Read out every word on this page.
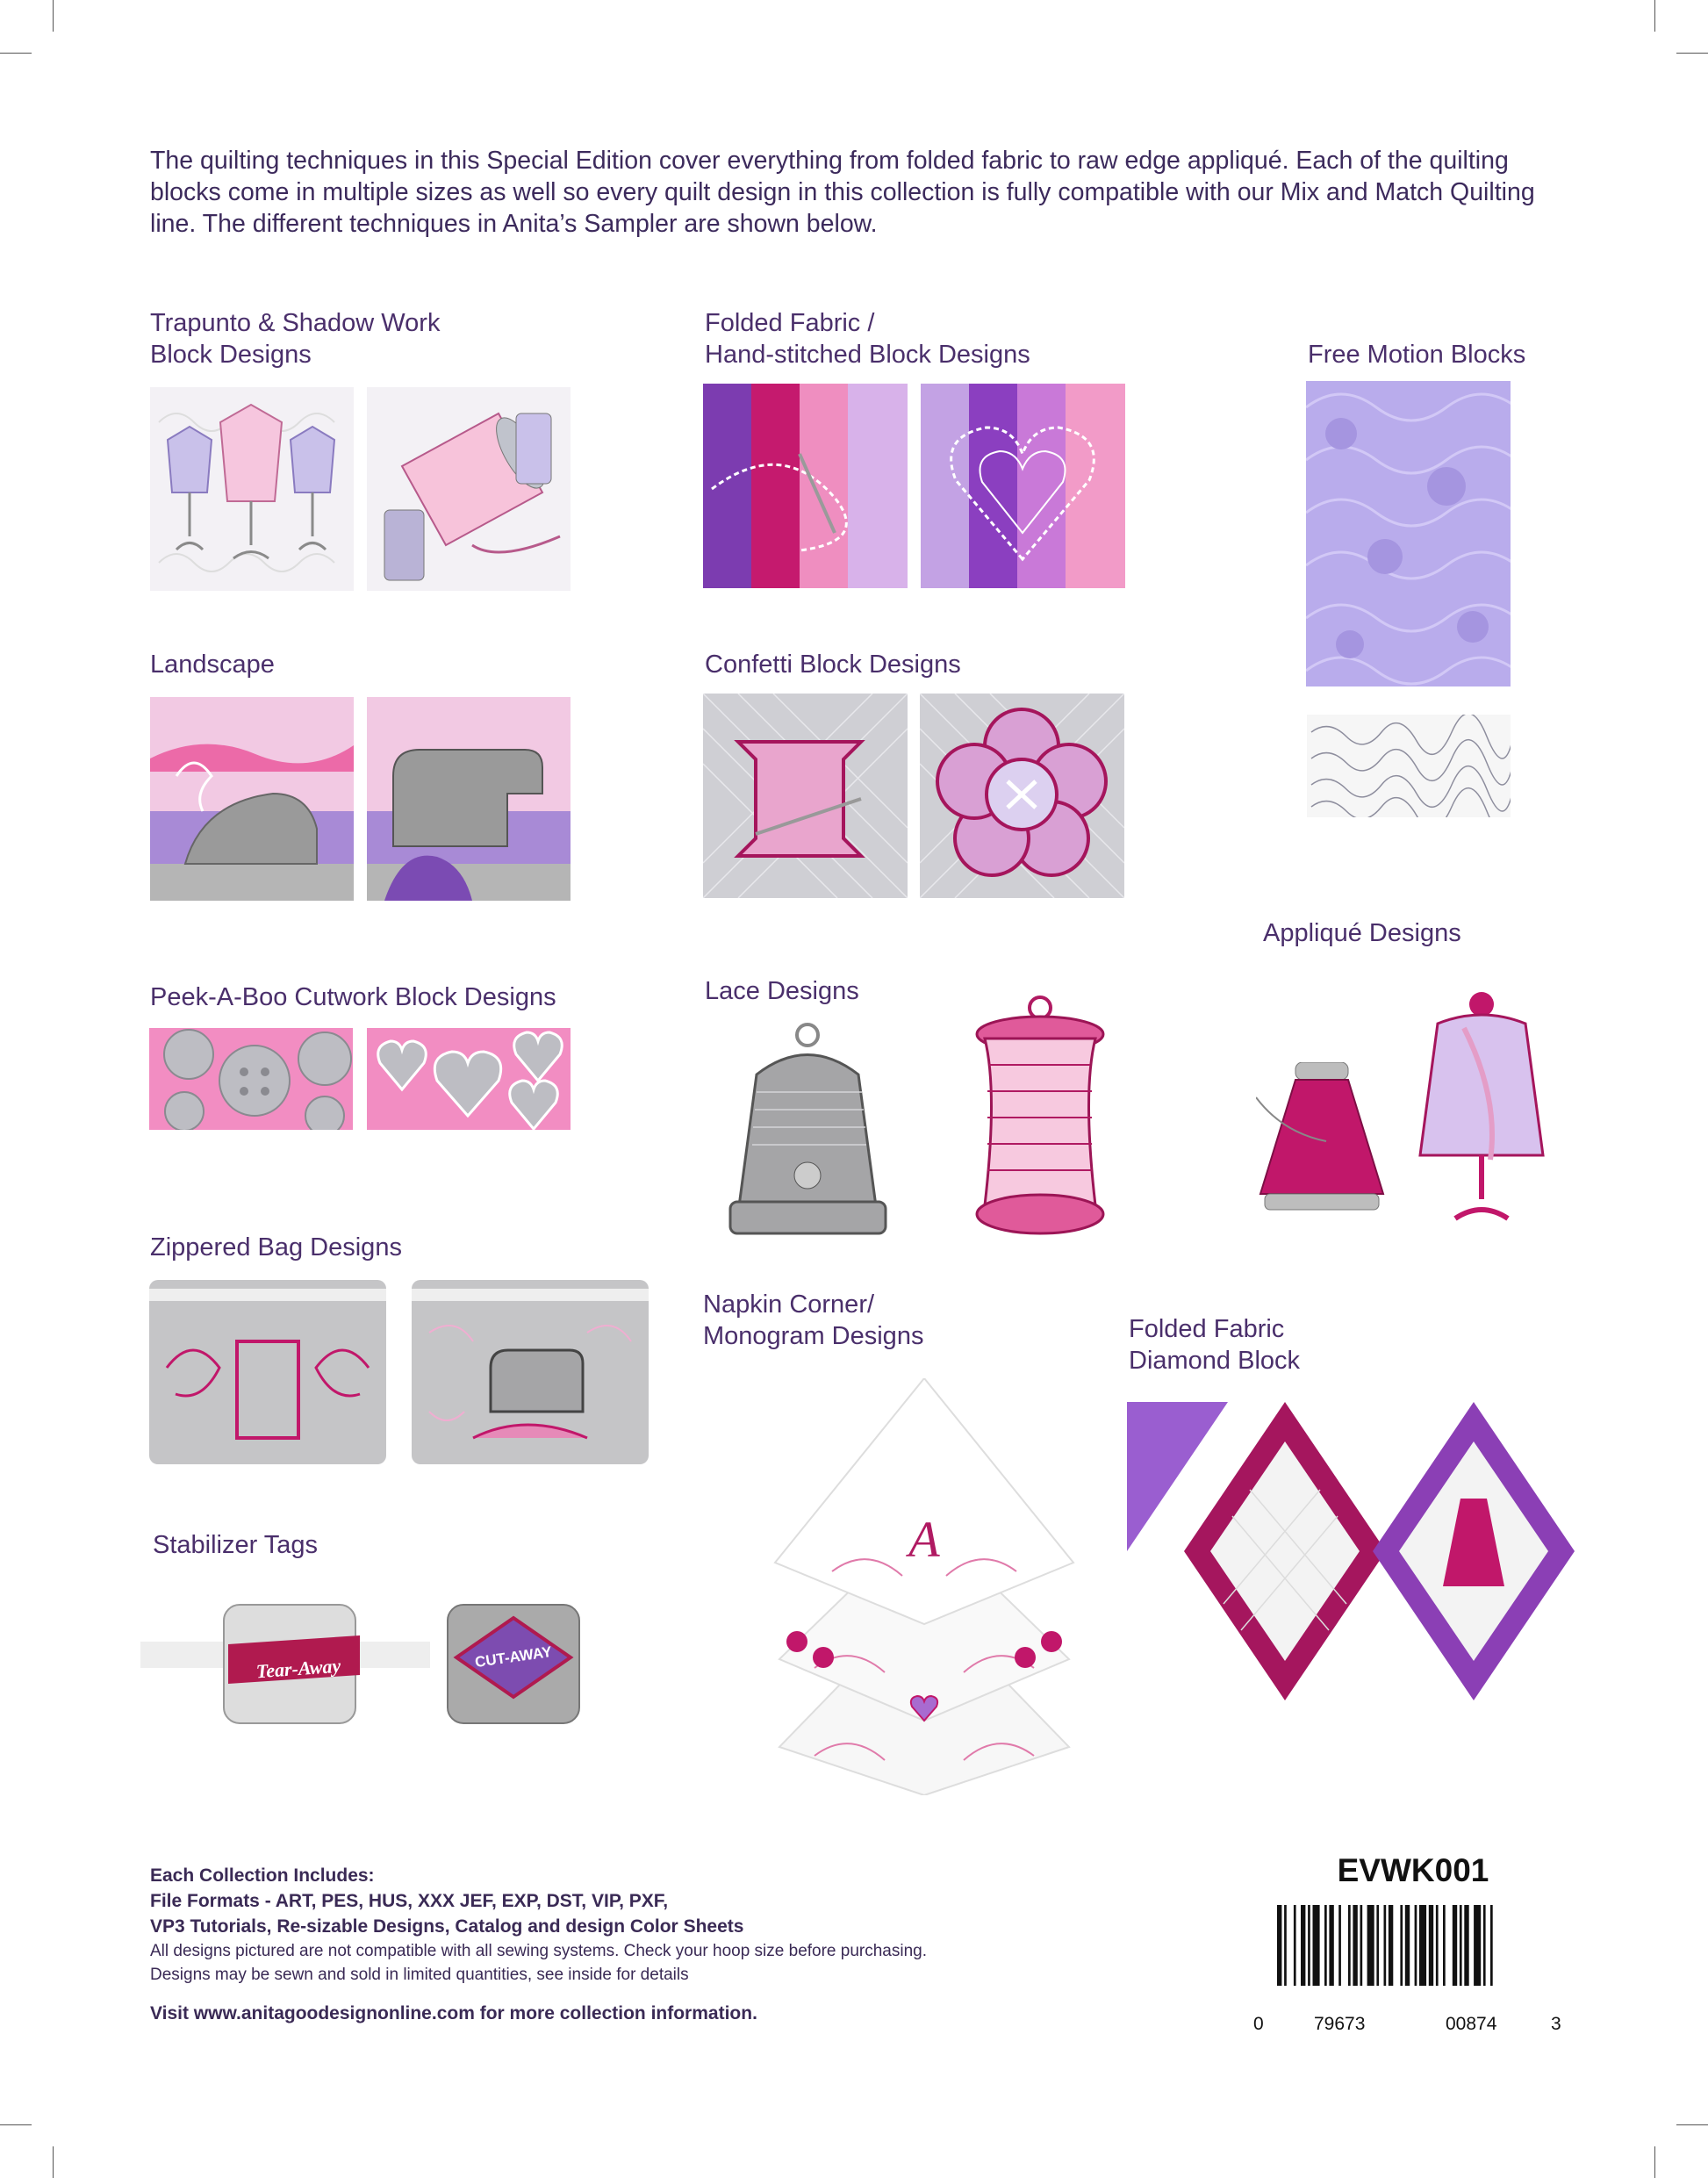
The quilting techniques in this Special Edition cover everything from folded fabric to raw edge appliqué. Each of the quilting blocks come in multiple sizes as well so every quilt design in this collection is fully compatible with our Mix and Match Quilting line. The different techniques in Anita’s Sampler are shown below.
Trapunto & Shadow Work
Block Designs
Folded Fabric /
Hand-stitched Block Designs	Free Motion Blocks
Landscape	Confetti Block Designs
Appliqué Designs
Peek-A-Boo Cutwork Block Designs	Lace Designs
Zippered Bag Designs
Napkin Corner/
Monogram Designs	Folded Fabric
Diamond Block
Stabilizer Tags
Tear-Away	CUT-AWAY
A
Each Collection Includes:
File Formats - ART, PES, HUS, XXX JEF, EXP, DST, VIP, PXF,
VP3 Tutorials, Re-sizable Designs, Catalog and design Color Sheets
All designs pictured are not compatible with all sewing systems. Check your hoop size before purchasing.
Designs may be sewn and sold in limited quantities, see inside for details
Visit www.anitagoodesignonline.com for more collection information.
EVWK001
0	79673	00874	3
